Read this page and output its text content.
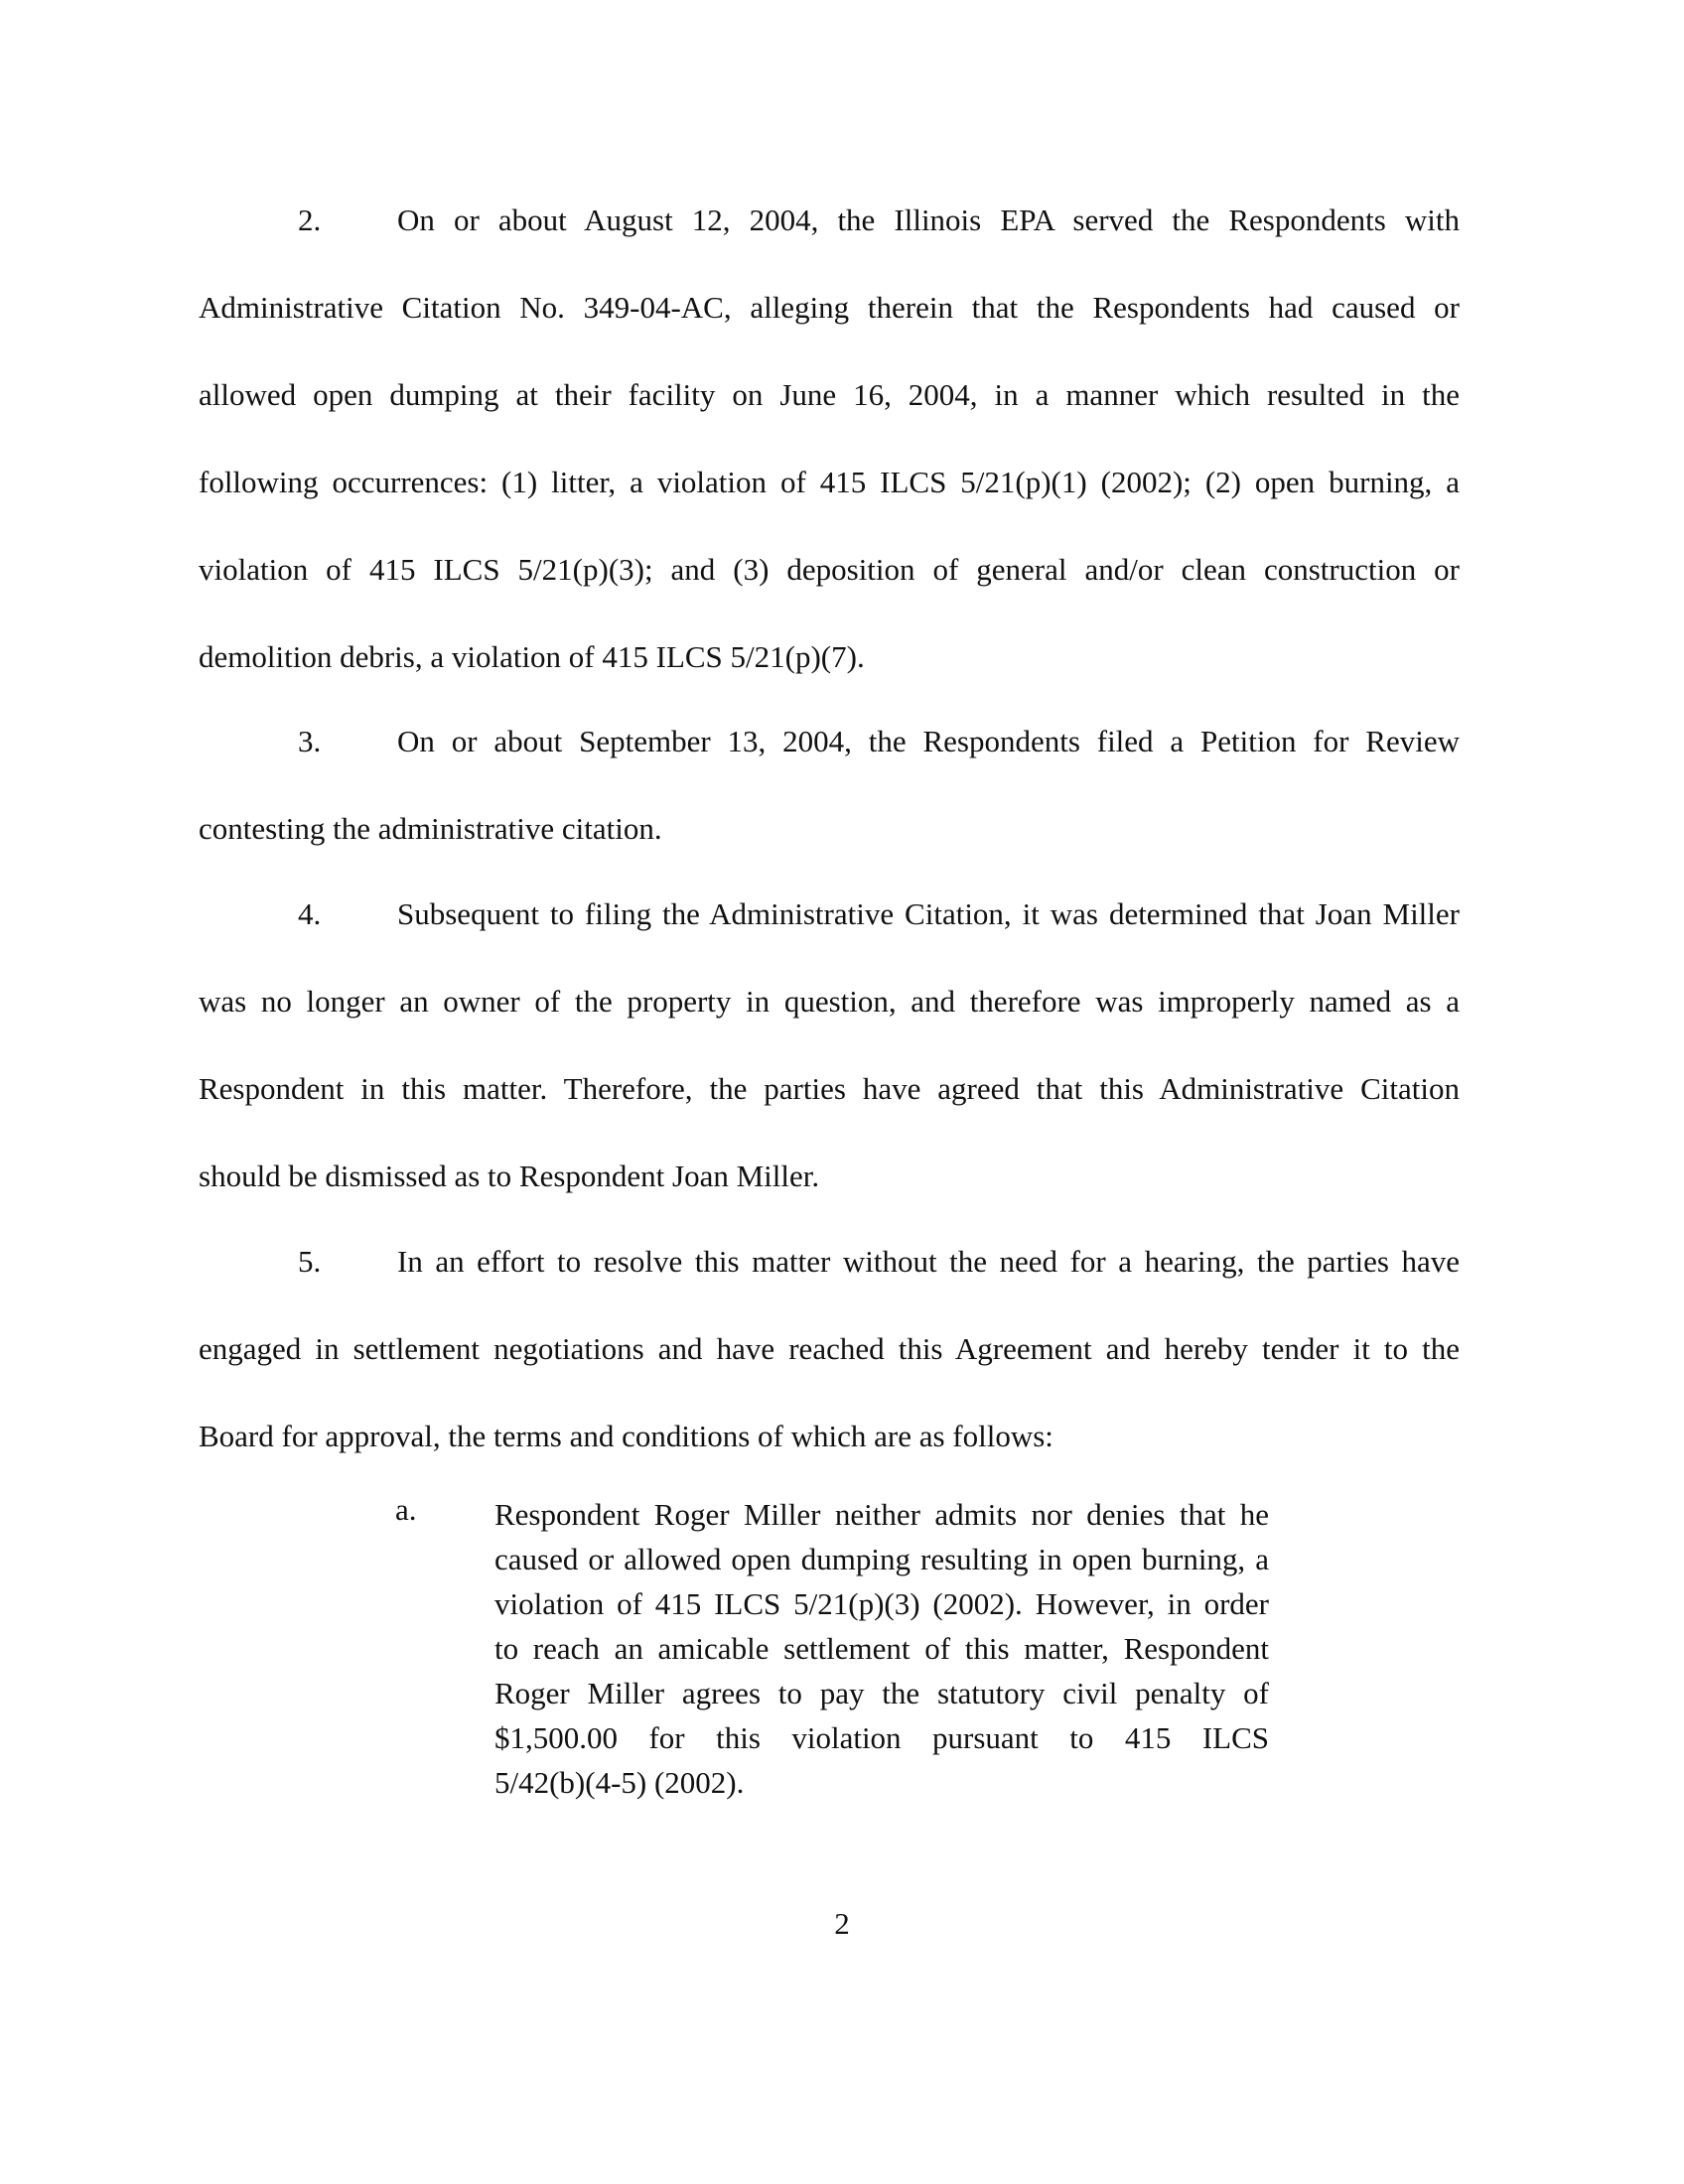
2. On or about August 12, 2004, the Illinois EPA served the Respondents with
Administrative Citation No. 349-04-AC, alleging therein that the Respondents had caused or
allowed open dumping at their facility on June 16, 2004, in a manner which resulted in the
following occurrences: (1) litter, a violation of 415 ILCS 5/21(p)(1) (2002); (2) open burning, a
violation of 415 ILCS 5/21(p)(3); and (3) deposition of general and/or clean construction or
demolition debris, a violation of 415 ILCS 5/21(p)(7).
3. On or about September 13, 2004, the Respondents filed a Petition for Review
contesting the administrative citation.
4. Subsequent to filing the Administrative Citation, it was determined that Joan Miller
was no longer an owner of the property in question, and therefore was improperly named as a
Respondent in this matter. Therefore, the parties have agreed that this Administrative Citation
should be dismissed as to Respondent Joan Miller.
5. In an effort to resolve this matter without the need for a hearing, the parties have
engaged in settlement negotiations and have reached this Agreement and hereby tender it to the
Board for approval, the terms and conditions of which are as follows:
a.	Respondent Roger Miller neither admits nor denies that he
caused or allowed open dumping resulting in open burning, a
violation of 415 ILCS 5/21(p)(3) (2002). However, in order
to reach an amicable settlement of this matter, Respondent
Roger Miller agrees to pay the statutory civil penalty of
$1,500.00 for this violation pursuant to 415 ILCS
5/42(b)(4-5) (2002).
2
